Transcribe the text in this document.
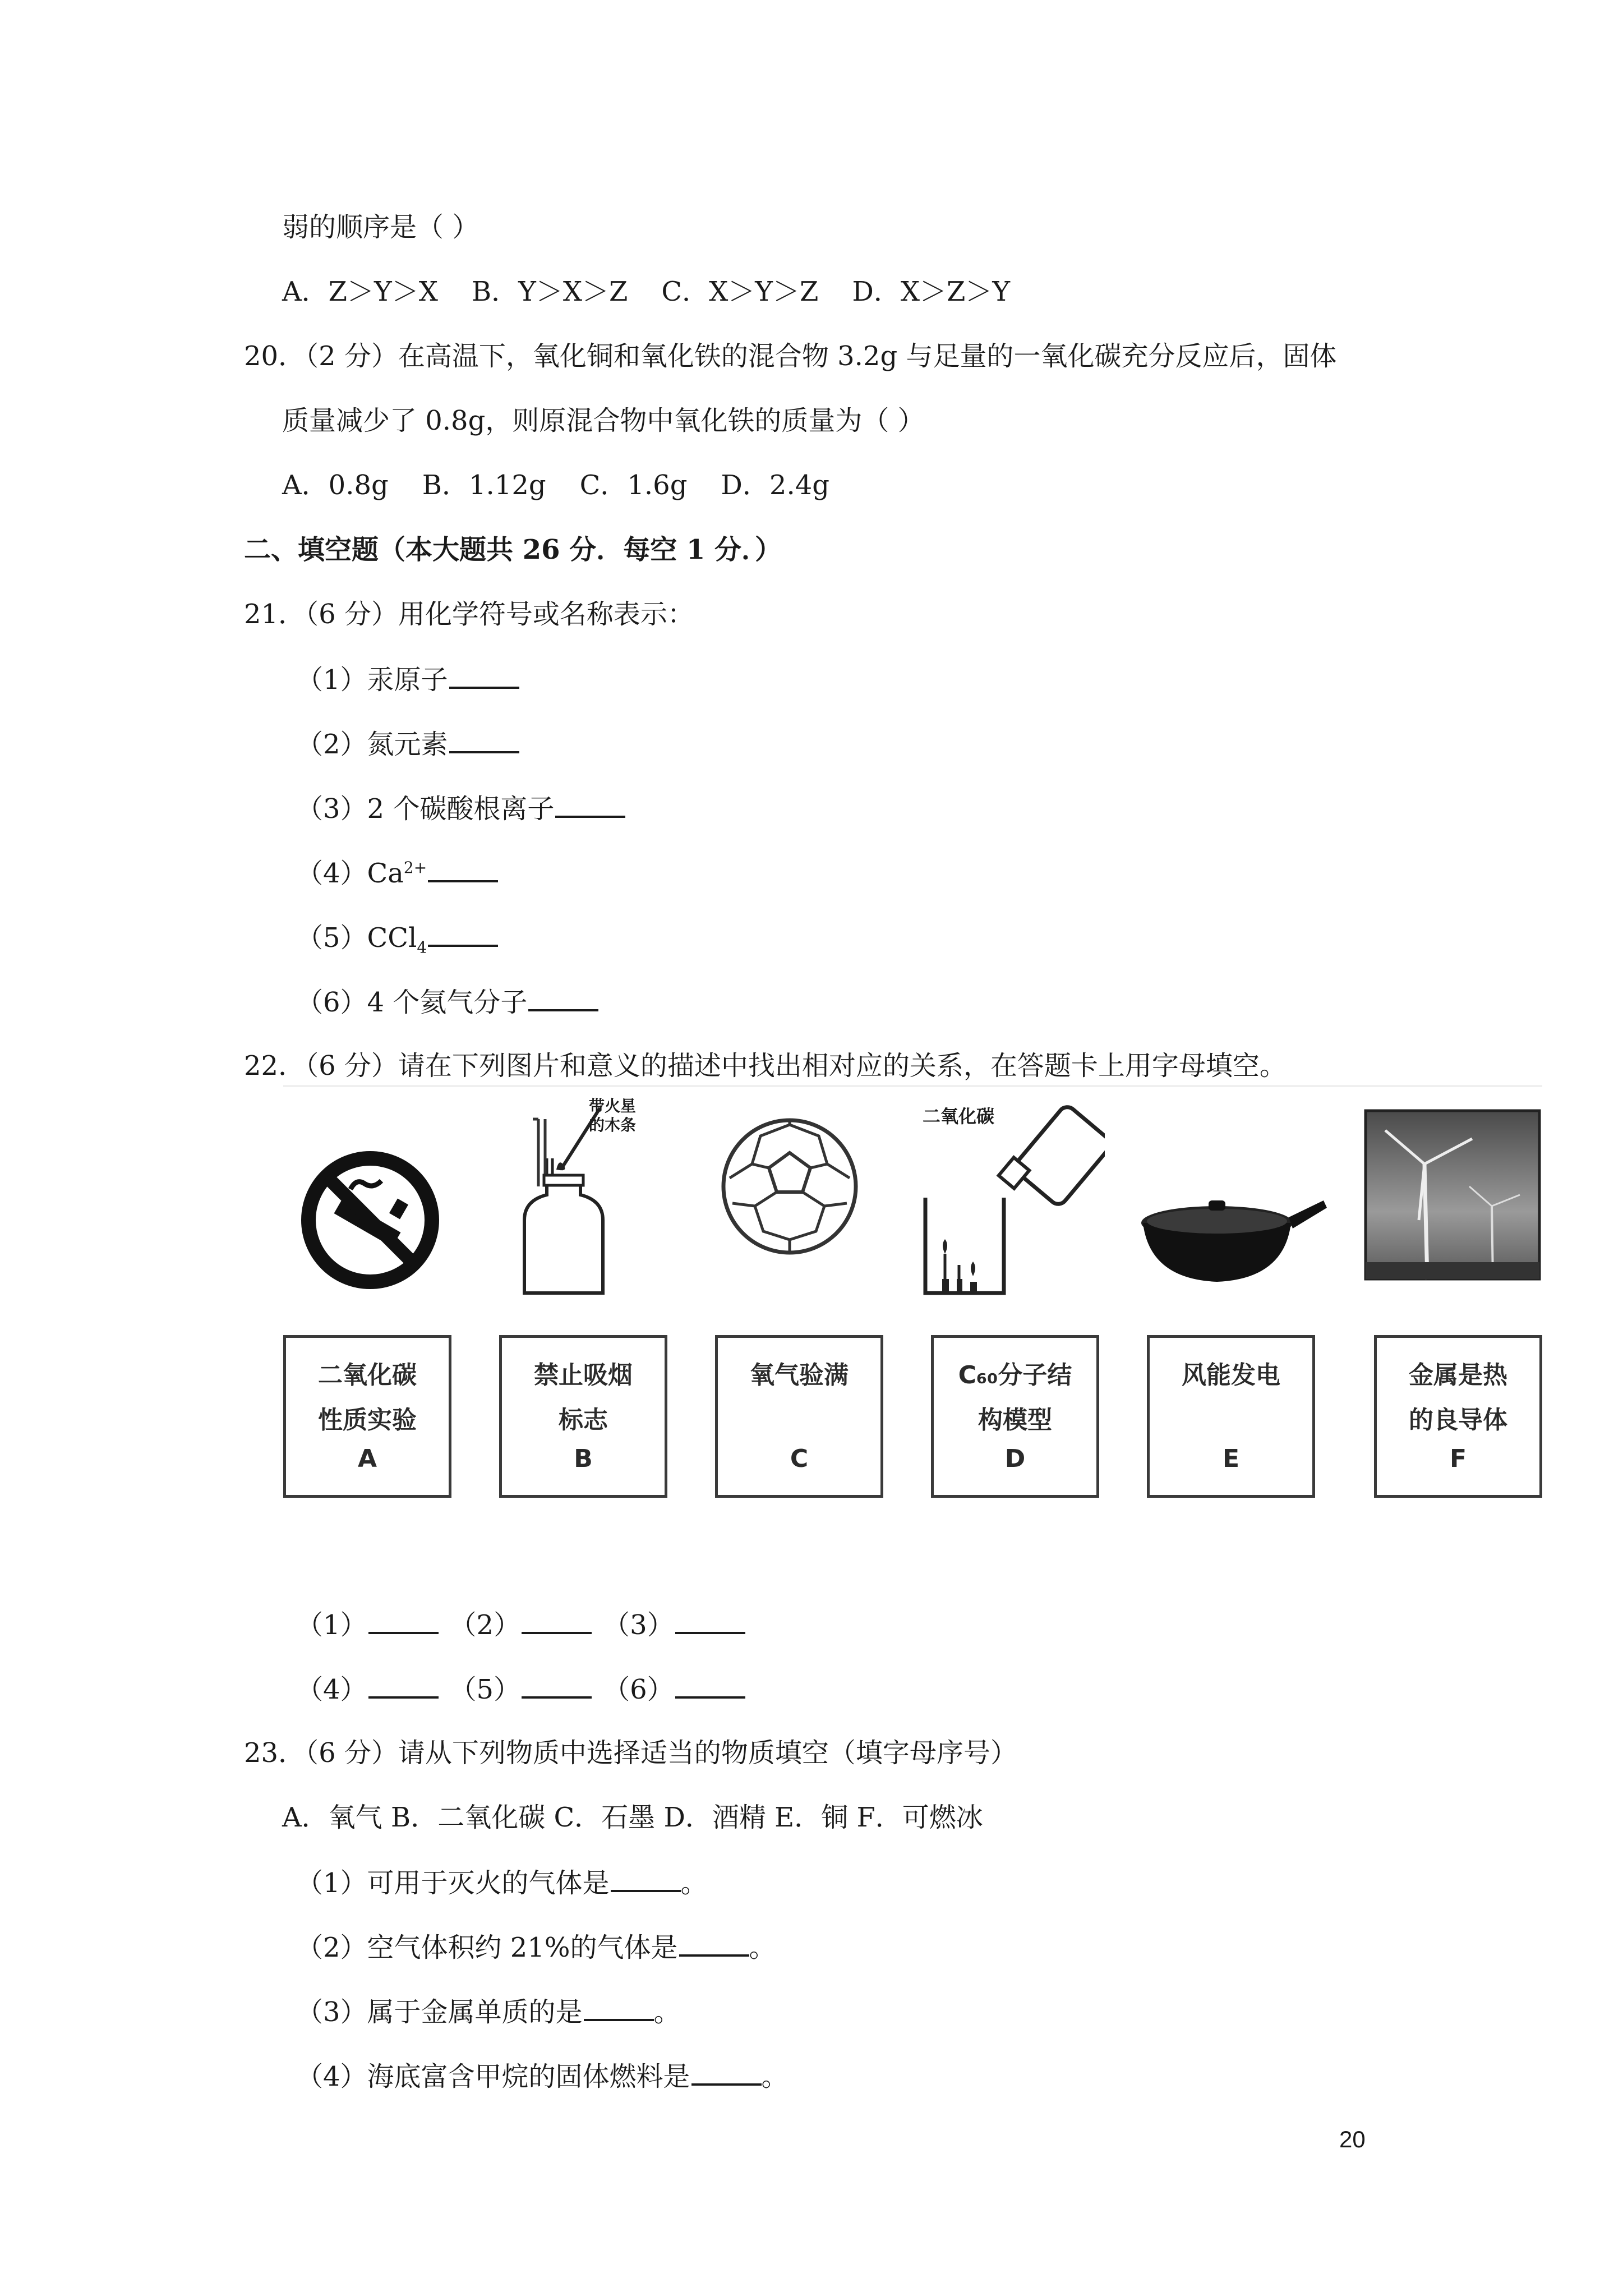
弱的顺序是（ ）
A．Z＞Y＞X B．Y＞X＞Z C．X＞Y＞Z D．X＞Z＞Y
20．（2 分）在高温下，氧化铜和氧化铁的混合物 3.2g 与足量的一氧化碳充分反应后，固体
质量减少了 0.8g，则原混合物中氧化铁的质量为（ ）
A．0.8g B．1.12g C．1.6g D．2.4g
二、填空题（本大题共 26 分．每空 1 分．）
21．（6 分）用化学符号或名称表示：
（1）汞原子
（2）氮元素
（3）2 个碳酸根离子
$(4)Ca^{2+}$
（5）CCl$_4$
（6）4 个氦气分子
22．（6 分）请在下列图片和意义的描述中找出相对应的关系，在答题卡上用字母填空。
带火星
的木条	二氧化碳
二氧化碳
性质实验
A
禁止吸烟
标志
B
氧气验满
C
C₆₀分子结
构模型
D
风能发电
E
金属是热
的良导体
F
（1）	（2）	（3）
（4）	（5）	（6）
23．（6 分）请从下列物质中选择适当的物质填空（填字母序号）
A．氧气 B．二氧化碳 C．石墨 D．酒精 E．铜 F．可燃冰
（1）可用于灭火的气体是	。
（2）空气体积约 21%的气体是	。
（3）属于金属单质的是	。
（4）海底富含甲烷的固体燃料是	。
20
